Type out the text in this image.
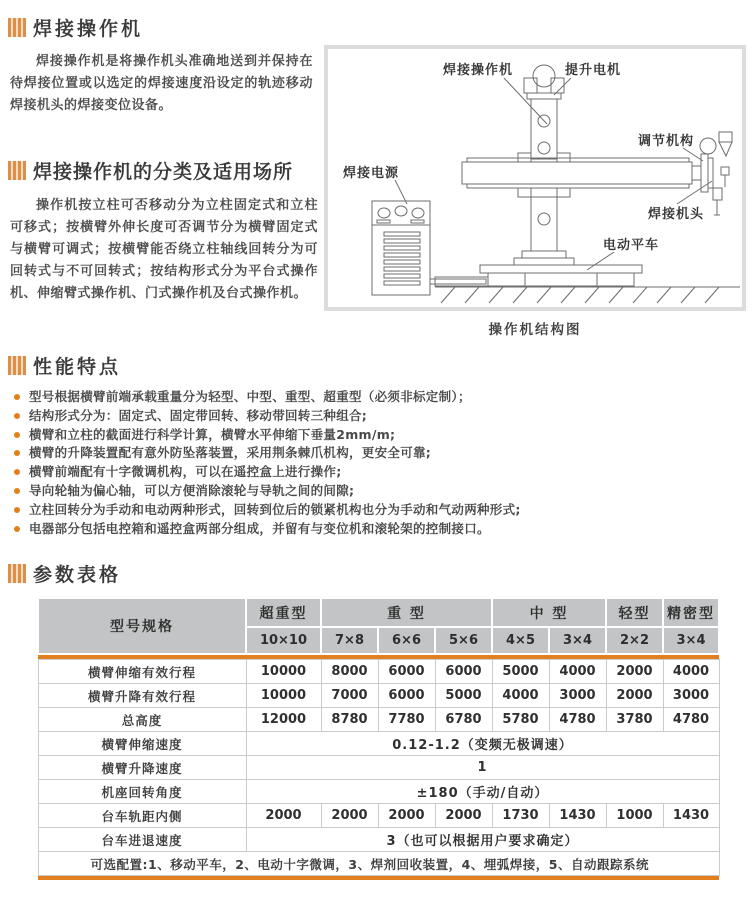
焊接操作机
焊接操作机是将操作机头准确地送到并保持在待焊接位置或以选定的焊接速度沿设定的轨迹移动焊接机头的焊接变位设备。
焊接操作机的分类及适用场所
操作机按立柱可否移动分为立柱固定式和立柱可移式；按横臂外伸长度可否调节分为横臂固定式与横臂可调式；按横臂能否绕立柱轴线回转分为可回转式与不可回转式；按结构形式分为平台式操作机、伸缩臂式操作机、门式操作机及台式操作机。
焊接操作机	提升电机
调节机构
焊接机头
电动平车
焊接电源
操作机结构图
性能特点
型号根据横臂前端承载重量分为轻型、中型、重型、超重型（必须非标定制）；
结构形式分为：固定式、固定带回转、移动带回转三种组合;
横臂和立柱的截面进行科学计算，横臂水平伸缩下垂量2mm/m;
横臂的升降装置配有意外防坠落装置，采用荆条棘爪机构，更安全可靠;
横臂前端配有十字微调机构，可以在遥控盒上进行操作;
导向轮轴为偏心轴，可以方便消除滚轮与导轨之间的间隙;
立柱回转分为手动和电动两种形式，回转到位后的锁紧机构也分为手动和气动两种形式;
电器部分包括电控箱和遥控盒两部分组成，并留有与变位机和滚轮架的控制接口。
参数表格
型号规格	超重型	重 型			中 型		轻型	精密型
	10×10	7×8	6×6	5×6	4×5	3×4	2×2	3×4

横臂伸缩有效行程	10000	8000	6000	6000	5000	4000	2000	4000
横臂升降有效行程	10000	7000	6000	5000	4000	3000	2000	3000
总高度	12000	8780	7780	6780	5780	4780	3780	4780
横臂伸缩速度	0.12-1.2（变频无极调速）							
横臂升降速度	1							
机座回转角度	±180（手动/自动）							
台车轨距内侧	2000	2000	2000	2000	1730	1430	1000	1430
台车进退速度	3（也可以根据用户要求确定）							
可选配置:1、移动平车，2、电动十字微调，3、焊剂回收装置，4、埋弧焊接，5、自动跟踪系统								
